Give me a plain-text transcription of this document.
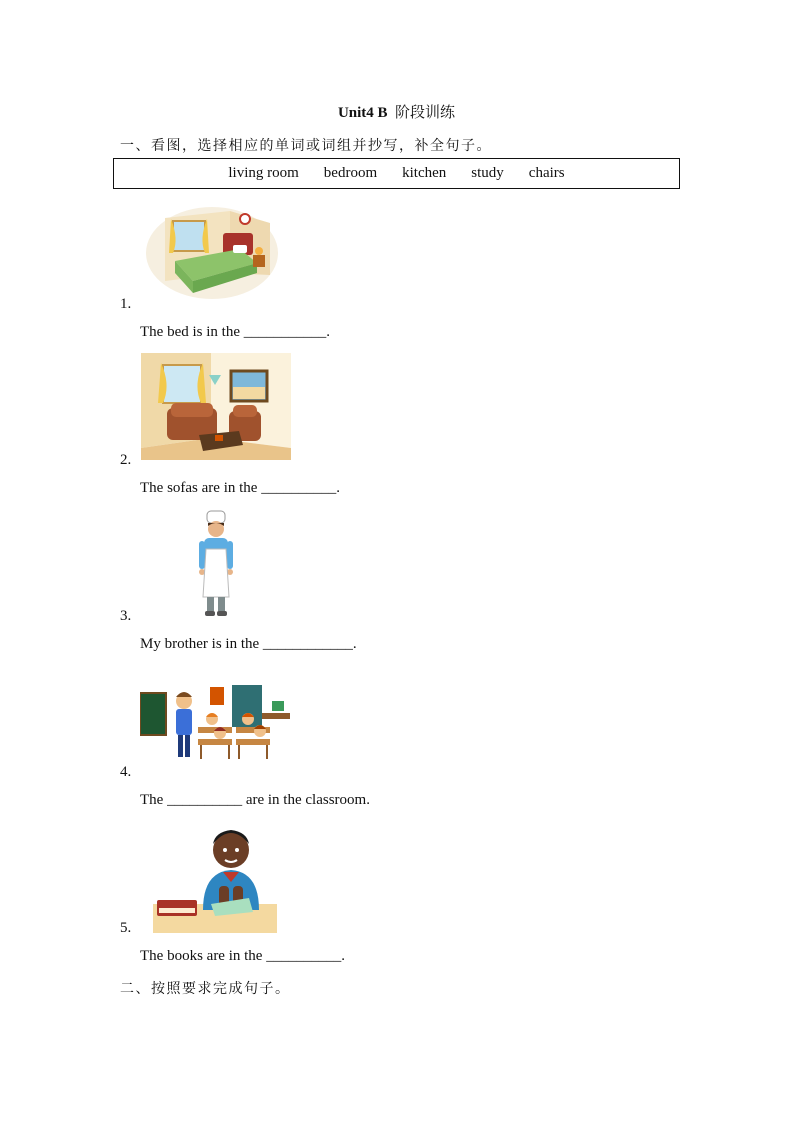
Unit4 B 阶段训练
一、看图，选择相应的单词或词组并抄写，补全句子。
living room bedroom kitchen study chairs
1.
The bed is in the ___________.
2.
The sofas are in the __________.
3.
My brother is in the ____________.
4.
The __________ are in the classroom.
5.
The books are in the __________.
二、按照要求完成句子。
